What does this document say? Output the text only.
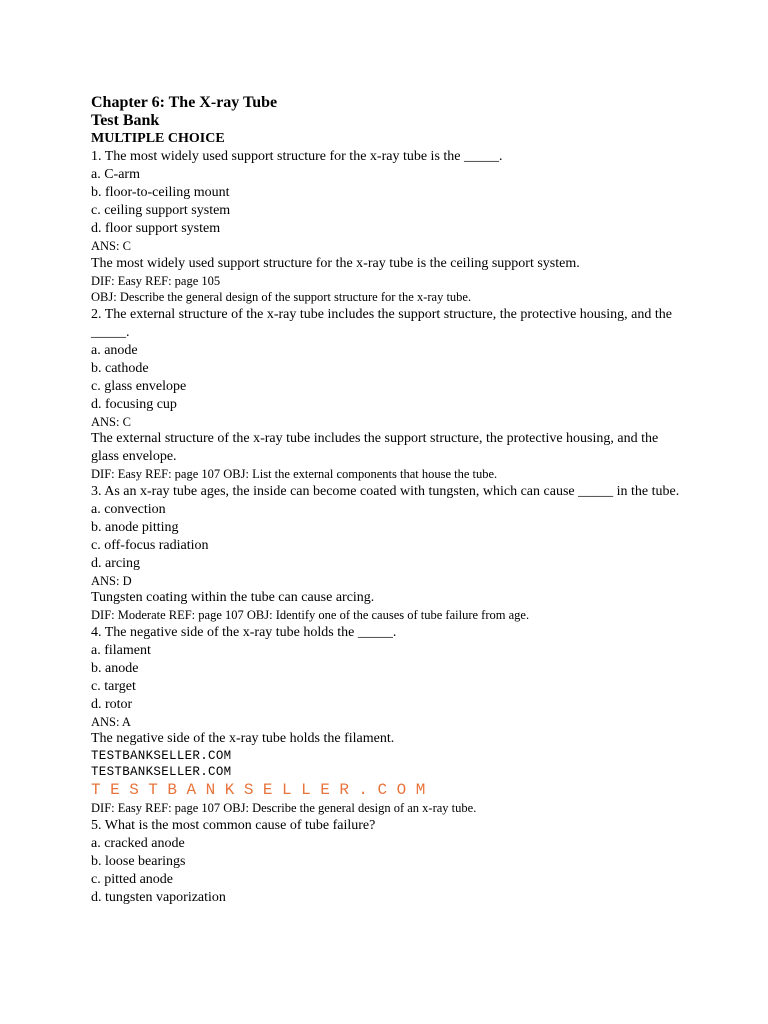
Chapter 6: The X-ray Tube
Test Bank
MULTIPLE CHOICE
1. The most widely used support structure for the x-ray tube is the _____.
a. C-arm
b. floor-to-ceiling mount
c. ceiling support system
d. floor support system
ANS: C
The most widely used support structure for the x-ray tube is the ceiling support system.
DIF: Easy REF: page 105
OBJ: Describe the general design of the support structure for the x-ray tube.
2. The external structure of the x-ray tube includes the support structure, the protective housing, and the _____.
a. anode
b. cathode
c. glass envelope
d. focusing cup
ANS: C
The external structure of the x-ray tube includes the support structure, the protective housing, and the glass envelope.
DIF: Easy REF: page 107 OBJ: List the external components that house the tube.
3. As an x-ray tube ages, the inside can become coated with tungsten, which can cause _____ in the tube.
a. convection
b. anode pitting
c. off-focus radiation
d. arcing
ANS: D
Tungsten coating within the tube can cause arcing.
DIF: Moderate REF: page 107 OBJ: Identify one of the causes of tube failure from age.
4. The negative side of the x-ray tube holds the _____.
a. filament
b. anode
c. target
d. rotor
ANS: A
The negative side of the x-ray tube holds the filament.
TESTBANKSELLER.COM
TESTBANKSELLER.COM
TESTBANKSELLER.COM
DIF: Easy REF: page 107 OBJ: Describe the general design of an x-ray tube.
5. What is the most common cause of tube failure?
a. cracked anode
b. loose bearings
c. pitted anode
d. tungsten vaporization
